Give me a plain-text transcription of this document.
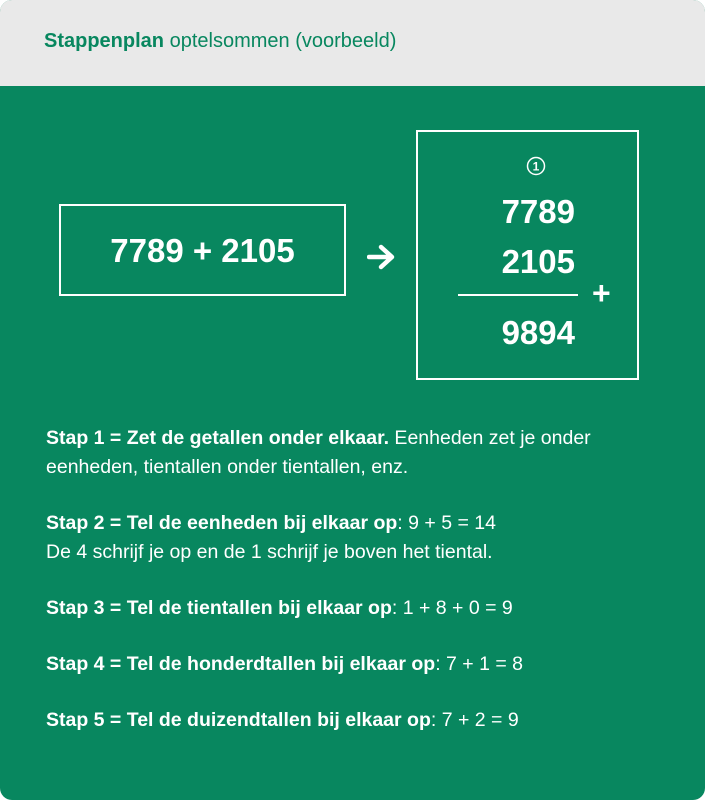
Stappenplan optelsommen (voorbeeld)
7789 + 2105
1
7789
2105
9894
+
Stap 1 = Zet de getallen onder elkaar. Eenheden zet je onder eenheden, tientallen onder tientallen, enz.
Stap 2 = Tel de eenheden bij elkaar op: 9 + 5 = 14
De 4 schrijf je op en de 1 schrijf je boven het tiental.
Stap 3 = Tel de tientallen bij elkaar op: 1 + 8 + 0 = 9
Stap 4 = Tel de honderdtallen bij elkaar op: 7 + 1 = 8
Stap 5 = Tel de duizendtallen bij elkaar op: 7 + 2 = 9
